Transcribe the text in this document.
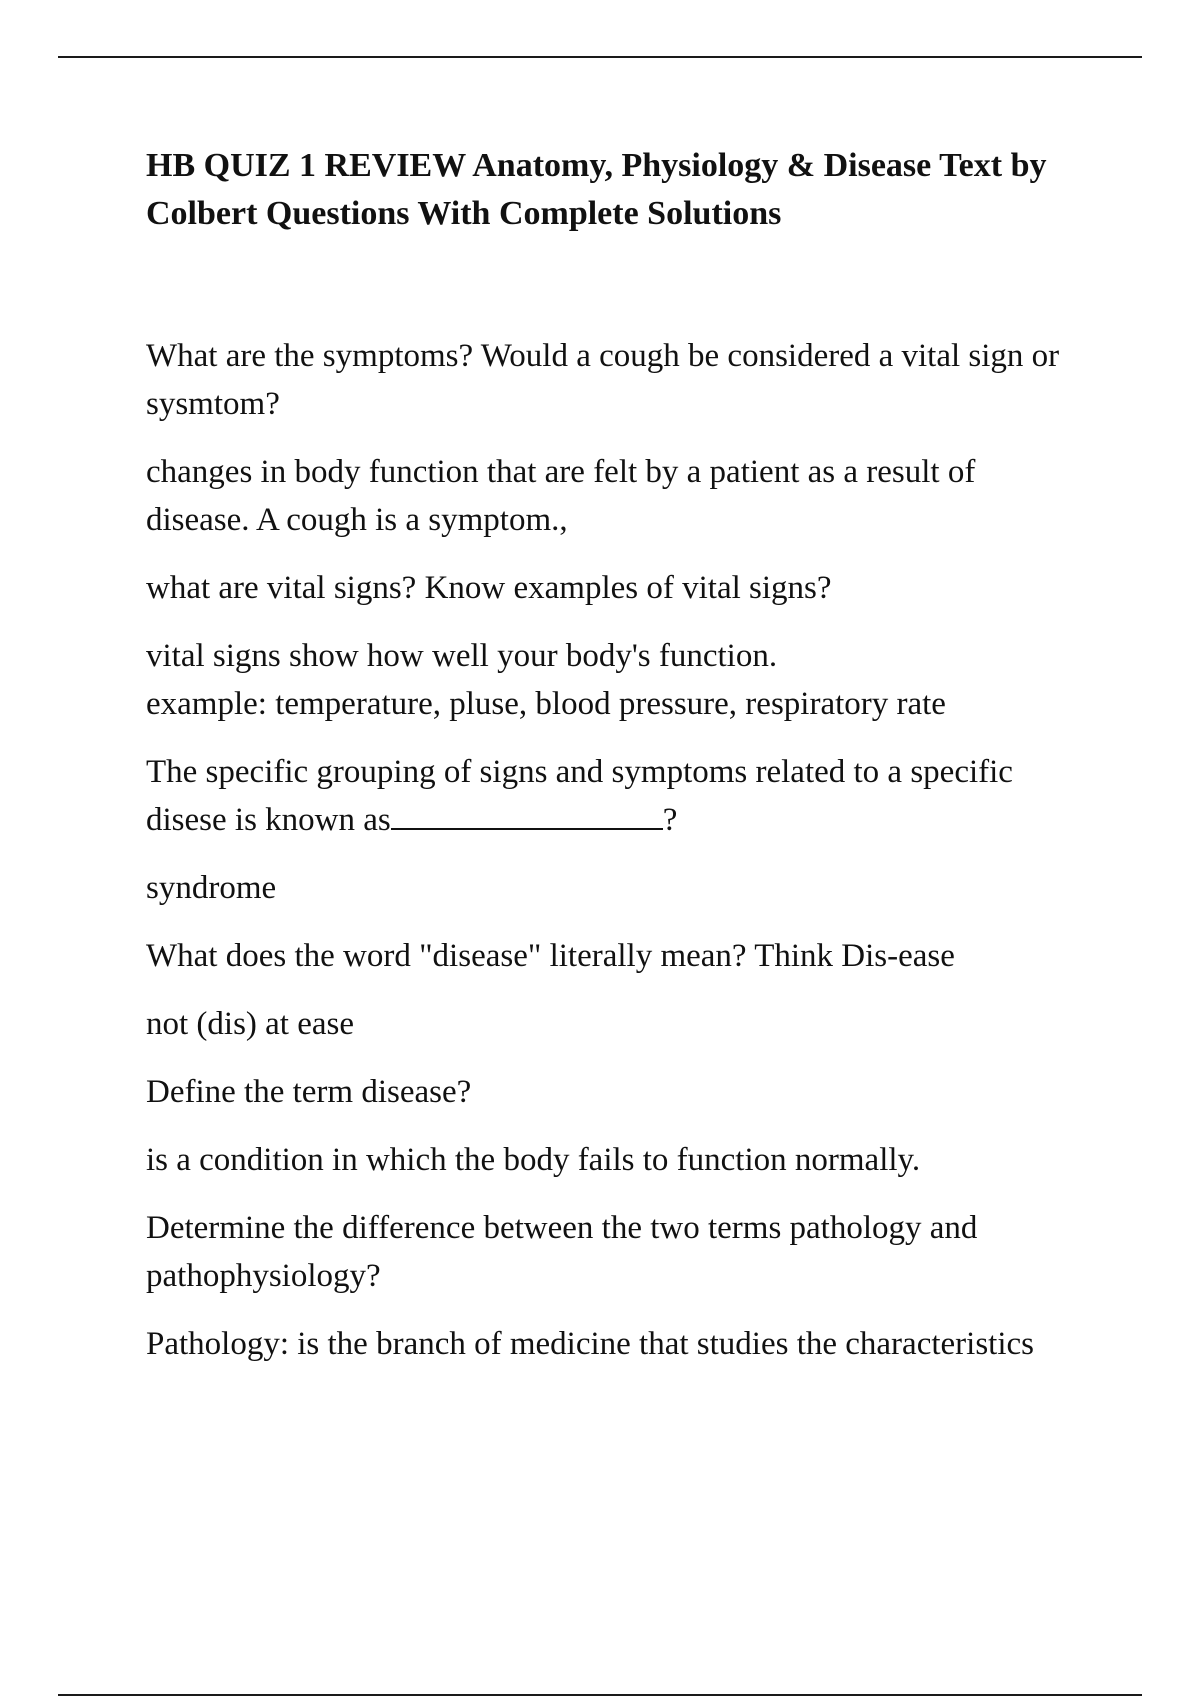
HB QUIZ 1 REVIEW Anatomy, Physiology & Disease Text by Colbert Questions With Complete Solutions

What are the symptoms? Would a cough be considered a vital sign or sysmtom?

changes in body function that are felt by a patient as a result of disease. A cough is a symptom.,

what are vital signs? Know examples of vital signs?

vital signs show how well your body's function.
example: temperature, pluse, blood pressure, respiratory rate

The specific grouping of signs and symptoms related to a specific disese is known as	?

syndrome

What does the word "disease" literally mean? Think Dis-ease

not (dis) at ease

Define the term disease?

is a condition in which the body fails to function normally.

Determine the difference between the two terms pathology and pathophysiology?

Pathology: is the branch of medicine that studies the characteristics
